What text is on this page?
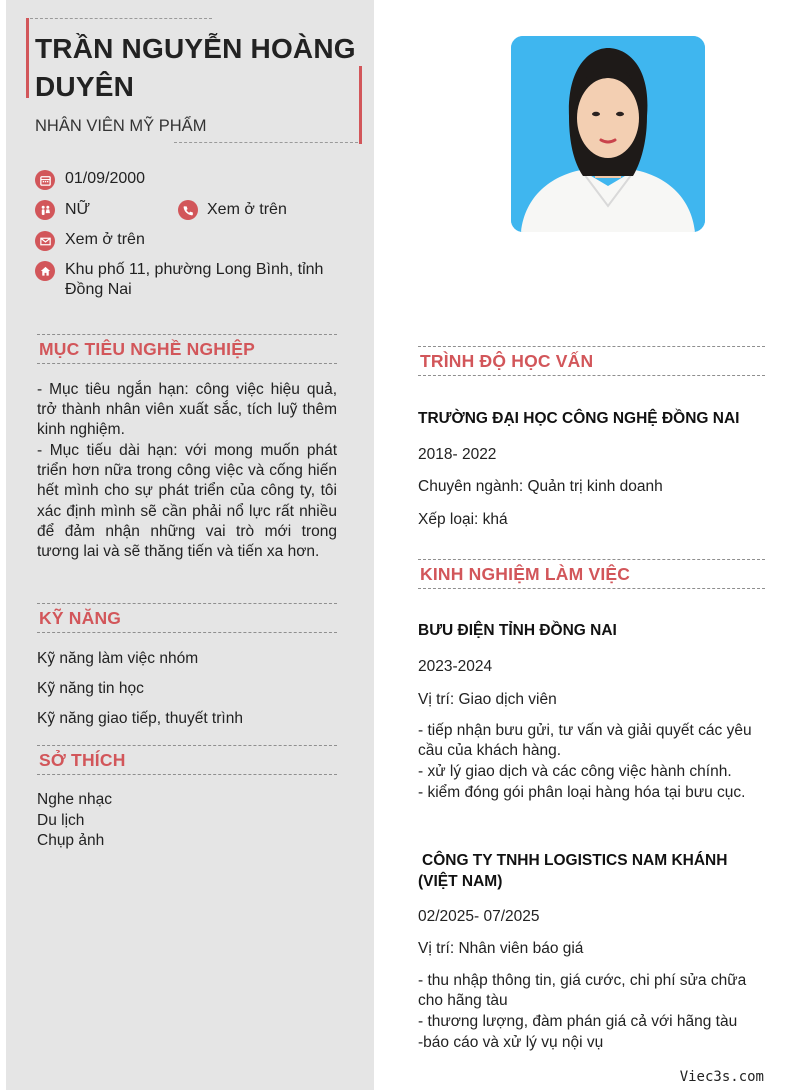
TRẦN NGUYỄN HOÀNG DUYÊN
NHÂN VIÊN MỸ PHẨM
01/09/2000
NỮ	Xem ở trên
Xem ở trên
Khu phố 11, phường Long Bình, tỉnh Đồng Nai
MỤC TIÊU NGHỀ NGHIỆP
- Mục tiêu ngắn hạn: công việc hiệu quả, trở thành nhân viên xuất sắc, tích luỹ thêm kinh nghiệm.
- Mục tiếu dài hạn: với mong muốn phát triển hơn nữa trong công việc và cống hiến hết mình cho sự phát triển của công ty, tôi xác định mình sẽ cần phải nổ lực rất nhiều để đảm nhận những vai trò mới trong tương lai và sẽ thăng tiến và tiến xa hơn.
KỸ NĂNG
Kỹ năng làm việc nhóm
Kỹ năng tin học
Kỹ năng giao tiếp, thuyết trình
SỞ THÍCH
Nghe nhạc
Du lịch
Chụp ảnh
TRÌNH ĐỘ HỌC VẤN
TRƯỜNG ĐẠI HỌC CÔNG NGHỆ ĐỒNG NAI
2018- 2022
Chuyên ngành: Quản trị kinh doanh
Xếp loại: khá
KINH NGHIỆM LÀM VIỆC
BƯU ĐIỆN TỈNH ĐỒNG NAI
2023-2024
Vị trí: Giao dịch viên
- tiếp nhận bưu gửi, tư vấn và giải quyết các yêu cầu của khách hàng.
- xử lý giao dịch và các công việc hành chính.
- kiểm đóng gói phân loại hàng hóa tại bưu cục.
CÔNG TY TNHH LOGISTICS NAM KHÁNH (VIỆT NAM)
02/2025- 07/2025
Vị trí: Nhân viên báo giá
- thu nhập thông tin, giá cước, chi phí sửa chữa cho hãng tàu
- thương lượng, đàm phán giá cả với hãng tàu
-báo cáo và xử lý vụ nội vụ
Viec3s.com
